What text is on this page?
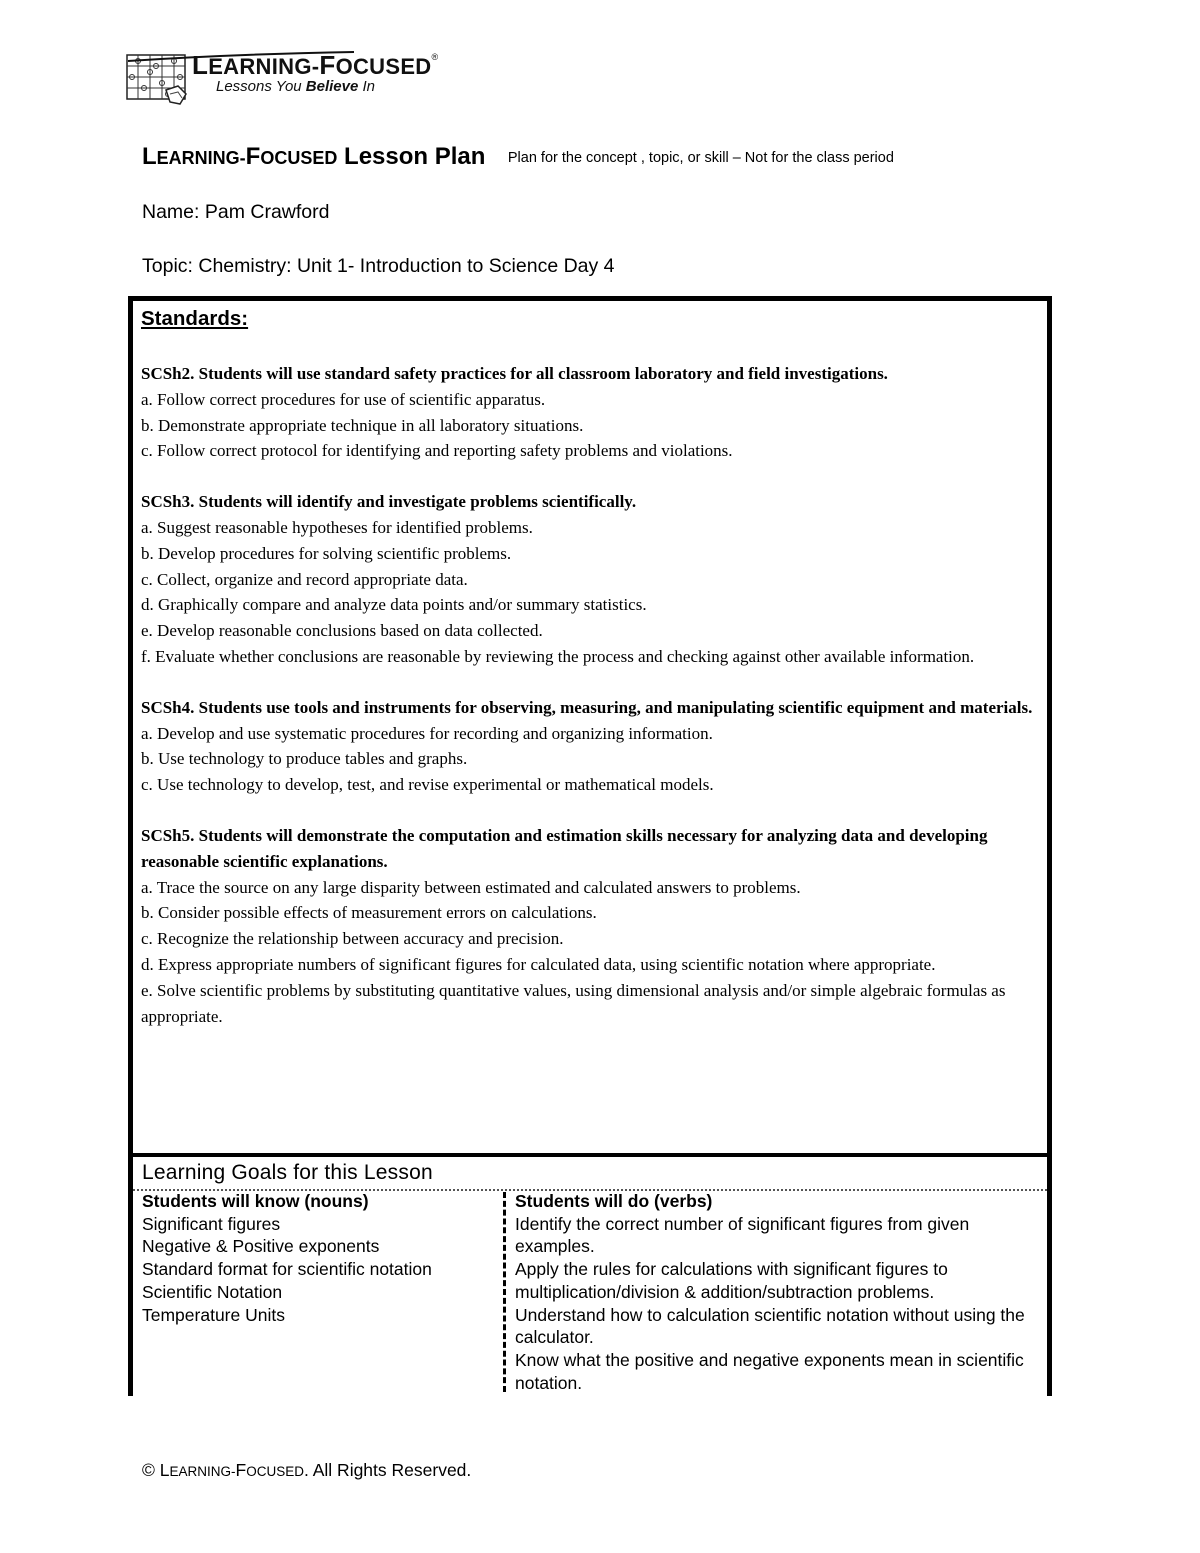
LEARNING-FOCUSED®
Lessons You Believe In
LEARNING-FOCUSED Lesson Plan Plan for the concept , topic, or skill – Not for the class period
Name: Pam Crawford
Topic: Chemistry: Unit 1- Introduction to Science Day 4
Standards:
SCSh2. Students will use standard safety practices for all classroom laboratory and field investigations.
a. Follow correct procedures for use of scientific apparatus.
b. Demonstrate appropriate technique in all laboratory situations.
c. Follow correct protocol for identifying and reporting safety problems and violations.
SCSh3. Students will identify and investigate problems scientifically.
a. Suggest reasonable hypotheses for identified problems.
b. Develop procedures for solving scientific problems.
c. Collect, organize and record appropriate data.
d. Graphically compare and analyze data points and/or summary statistics.
e. Develop reasonable conclusions based on data collected.
f. Evaluate whether conclusions are reasonable by reviewing the process and checking against other available information.
SCSh4. Students use tools and instruments for observing, measuring, and manipulating scientific equipment and materials.
a. Develop and use systematic procedures for recording and organizing information.
b. Use technology to produce tables and graphs.
c. Use technology to develop, test, and revise experimental or mathematical models.
SCSh5. Students will demonstrate the computation and estimation skills necessary for analyzing data and developing reasonable scientific explanations.
a. Trace the source on any large disparity between estimated and calculated answers to problems.
b. Consider possible effects of measurement errors on calculations.
c. Recognize the relationship between accuracy and precision.
d. Express appropriate numbers of significant figures for calculated data, using scientific notation where appropriate.
e. Solve scientific problems by substituting quantitative values, using dimensional analysis and/or simple algebraic formulas as appropriate.
Learning Goals for this Lesson
Students will know (nouns)
Significant figures
Negative & Positive exponents
Standard format for scientific notation
Scientific Notation
Temperature Units
Students will do (verbs)
Identify the correct number of significant figures from given examples.
Apply the rules for calculations with significant figures to multiplication/division & addition/subtraction problems.
Understand how to calculation scientific notation without using the calculator.
Know what the positive and negative exponents mean in scientific notation.
© LEARNING-FOCUSED. All Rights Reserved.
